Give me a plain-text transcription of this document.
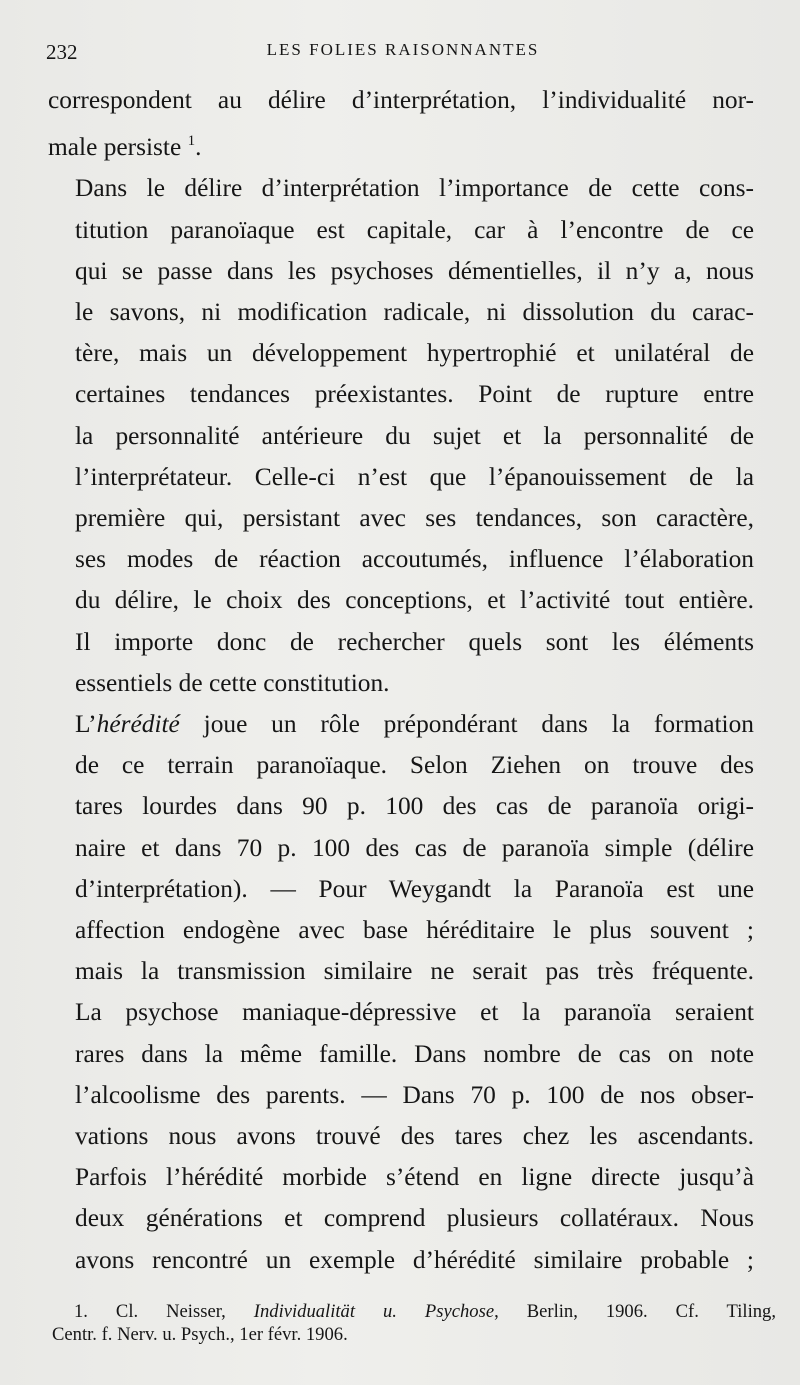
232	LES FOLIES RAISONNANTES

correspondent au délire d’interprétation, l’individualité nor-
male persiste $^1$.

Dans le délire d’interprétation l’importance de cette cons-
titution paranoïaque est capitale, car à l’encontre de ce
qui se passe dans les psychoses démentielles, il n’y a, nous
le savons, ni modification radicale, ni dissolution du carac-
tère, mais un développement hypertrophié et unilatéral de
certaines tendances préexistantes. Point de rupture entre
la personnalité antérieure du sujet et la personnalité de
l’interprétateur. Celle-ci n’est que l’épanouissement de la
première qui, persistant avec ses tendances, son caractère,
ses modes de réaction accoutumés, influence l’élaboration
du délire, le choix des conceptions, et l’activité tout entière.
Il importe donc de rechercher quels sont les éléments
essentiels de cette constitution.

L’hérédité joue un rôle prépondérant dans la formation
de ce terrain paranoïaque. Selon Ziehen on trouve des
tares lourdes dans 90 p. 100 des cas de paranoïa origi-
naire et dans 70 p. 100 des cas de paranoïa simple (délire
d’interprétation). — Pour Weygandt la Paranoïa est une
affection endogène avec base héréditaire le plus souvent ;
mais la transmission similaire ne serait pas très fréquente.
La psychose maniaque-dépressive et la paranoïa seraient
rares dans la même famille. Dans nombre de cas on note
l’alcoolisme des parents. — Dans 70 p. 100 de nos obser-
vations nous avons trouvé des tares chez les ascendants.
Parfois l’hérédité morbide s’étend en ligne directe jusqu’à
deux générations et comprend plusieurs collatéraux. Nous
avons rencontré un exemple d’hérédité similaire probable ;

1. Cl. Neisser, Individualität u. Psychose, Berlin, 1906. Cf. Tiling,
Centr. f. Nerv. u. Psych., 1er févr. 1906.
